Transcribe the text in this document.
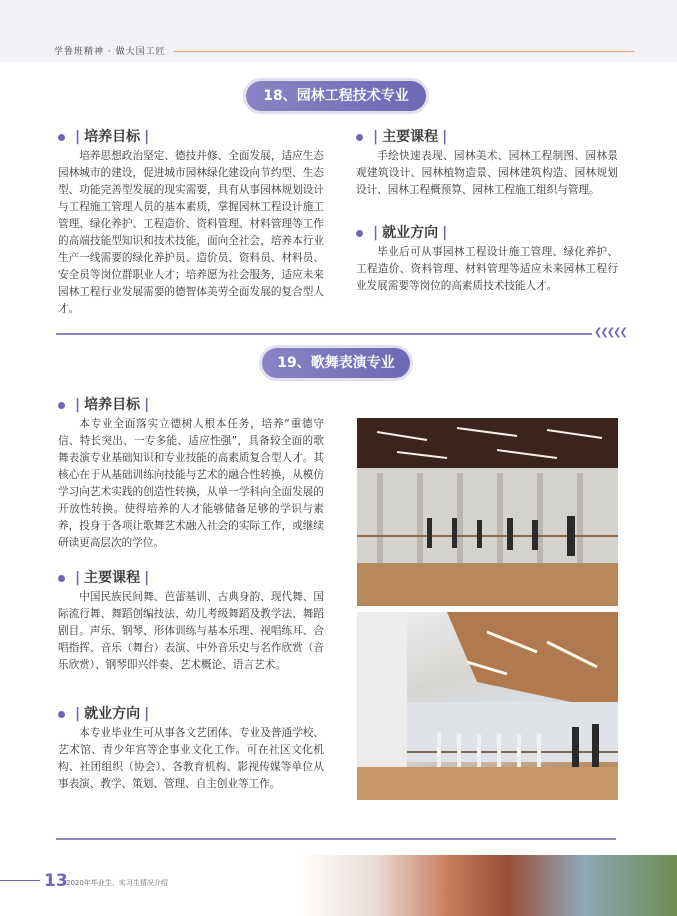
学鲁班精神 · 做大国工匠
18、园林工程技术专业
| 培养目标 |
培养思想政治坚定、德技并修、全面发展，适应生态园林城市的建设，促进城市园林绿化建设向节约型、生态型、功能完善型发展的现实需要，具有从事园林规划设计与工程施工管理人员的基本素质，掌握园林工程设计施工管理、绿化养护、工程造价、资料管理、材料管理等工作的高端技能型知识和技术技能，面向全社会，培养本行业生产一线需要的绿化养护员、造价员、资料员、材料员、安全员等岗位群职业人才；培养愿为社会服务，适应未来园林工程行业发展需要的德智体美劳全面发展的复合型人才。
| 主要课程 |
手绘快速表现、园林美术、园林工程制图、园林景观建筑设计、园林植物造景、园林建筑构造、园林规划设计、园林工程概预算、园林工程施工组织与管理。
| 就业方向 |
毕业后可从事园林工程设计施工管理、绿化养护、工程造价、资料管理、材料管理等适应未来园林工程行业发展需要等岗位的高素质技术技能人才。
❮❮❮❮❮
19、歌舞表演专业
| 培养目标 |
本专业全面落实立德树人根本任务，培养“重德守信、特长突出、一专多能、适应性强”，具备较全面的歌舞表演专业基础知识和专业技能的高素质复合型人才。其核心在于从基础训练向技能与艺术的融合性转换，从模仿学习向艺术实践的创造性转换，从单一学科向全面发展的开放性转换。使得培养的人才能够储备足够的学识与素养，投身于各项让歌舞艺术融入社会的实际工作，或继续研读更高层次的学位。
| 主要课程 |
中国民族民间舞、芭蕾基训、古典身韵、现代舞、国际流行舞、舞蹈创编技法、幼儿考级舞蹈及教学法、舞蹈剧目。声乐、钢琴、形体训练与基本乐理、视唱练耳、合唱指挥、音乐（舞台）表演、中外音乐史与名作欣赏（音乐欣赏）、钢琴即兴伴奏、艺术概论、语言艺术。
| 就业方向 |
本专业毕业生可从事各文艺团体、专业及普通学校、艺术馆、青少年宫等企事业文化工作。可在社区文化机构、社团组织（协会）、各教育机构、影视传媒等单位从事表演、教学、策划、管理、自主创业等工作。
13
2020年毕业生、实习生情况介绍
